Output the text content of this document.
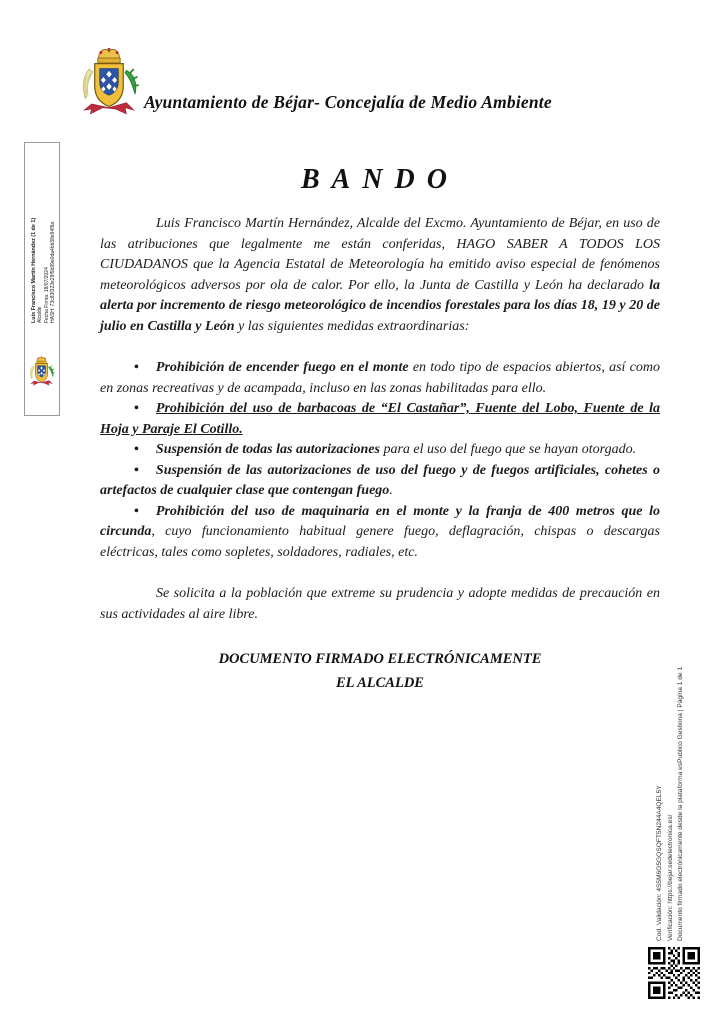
Ayuntamiento de Béjar- Concejalía de Medio Ambiente
Luis Francisco Martín Hernández (1 de 1) Alcalde Fecha Firma: 18/07/2024 HASH: 73c83f323e29f5b99e0da4bb38e94f9a
BANDO

Luis Francisco Martín Hernández, Alcalde del Excmo. Ayuntamiento de Béjar, en uso de las atribuciones que legalmente me están conferidas, HAGO SABER A TODOS LOS CIUDADANOS que la Agencia Estatal de Meteorología ha emitido aviso especial de fenómenos meteorológicos adversos por ola de calor. Por ello, la Junta de Castilla y León ha declarado la alerta por incremento de riesgo meteorológico de incendios forestales para los días 18, 19 y 20 de julio en Castilla y León y las siguientes medidas extraordinarias:

• Prohibición de encender fuego en el monte en todo tipo de espacios abiertos, así como en zonas recreativas y de acampada, incluso en las zonas habilitadas para ello.
• Prohibición del uso de barbacoas de “El Castañar”, Fuente del Lobo, Fuente de la Hoja y Paraje El Cotillo.
• Suspensión de todas las autorizaciones para el uso del fuego que se hayan otorgado.
• Suspensión de las autorizaciones de uso del fuego y de fuegos artificiales, cohetes o artefactos de cualquier clase que contengan fuego.
• Prohibición del uso de maquinaria en el monte y la franja de 400 metros que lo circunda, cuyo funcionamiento habitual genere fuego, deflagración, chispas o descargas eléctricas, tales como sopletes, soldadores, radiales, etc.

Se solicita a la población que extreme su prudencia y adopte medidas de precaución en sus actividades al aire libre.

DOCUMENTO FIRMADO ELECTRÓNICAMENTE
EL ALCALDE
Cod. Validación: 4S5M6G5GQSQFT5N244A4QEL5Y Verificación: https://bejar.sedelectronica.es/ Documento firmado electrónicamente desde la plataforma esPublico Gestiona | Página 1 de 1
